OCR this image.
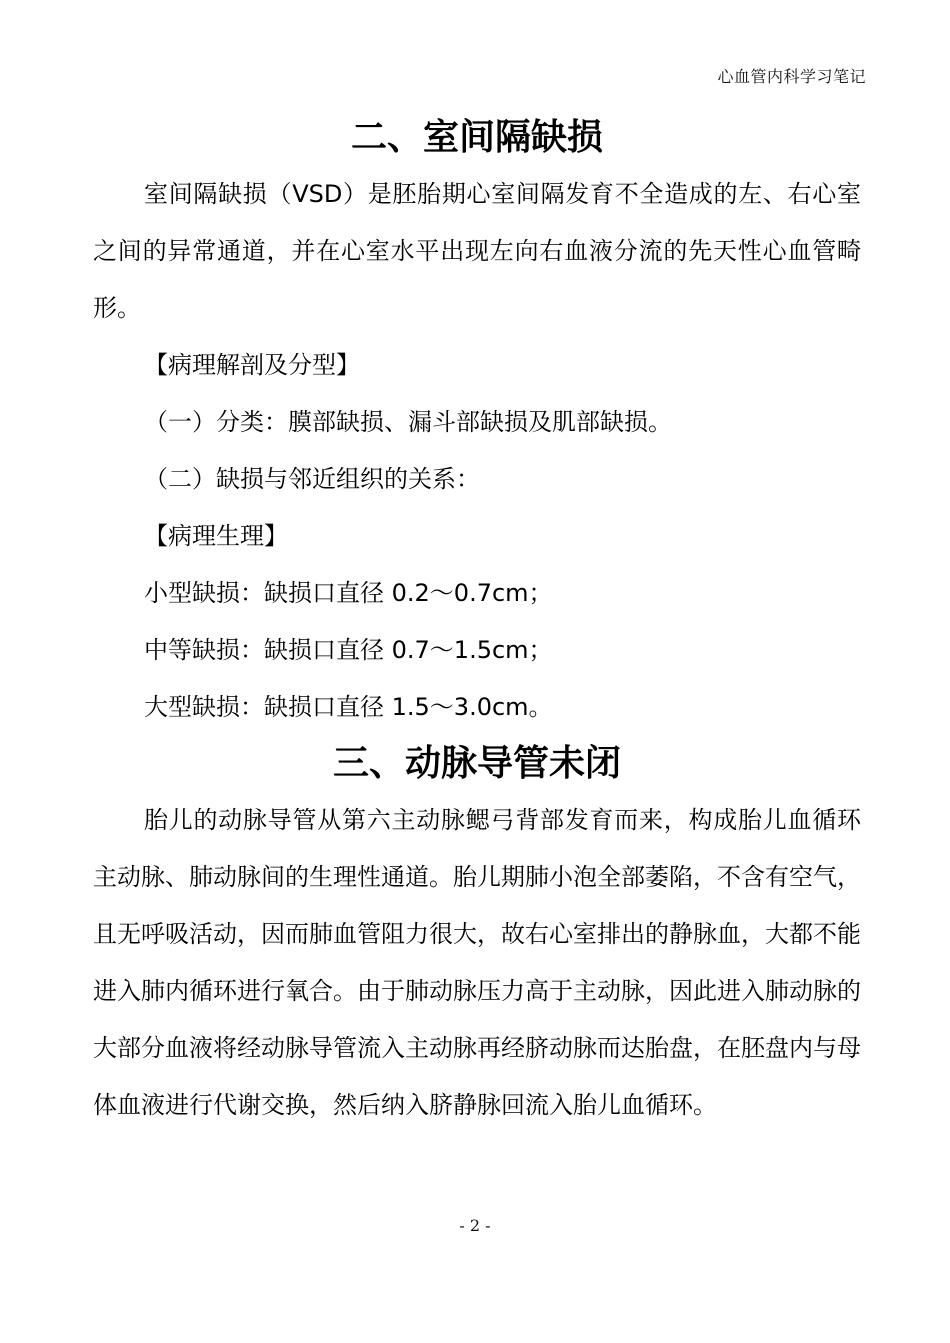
心血管内科学习笔记
二、室间隔缺损

室间隔缺损（VSD）是胚胎期心室间隔发育不全造成的左、右心室之间的异常通道，并在心室水平出现左向右血液分流的先天性心血管畸形。

【病理解剖及分型】

（一）分类：膜部缺损、漏斗部缺损及肌部缺损。

（二）缺损与邻近组织的关系：

【病理生理】

小型缺损：缺损口直径 0.2～0.7cm；

中等缺损：缺损口直径 0.7～1.5cm；

大型缺损：缺损口直径 1.5～3.0cm。

三、动脉导管未闭

胎儿的动脉导管从第六主动脉鳃弓背部发育而来，构成胎儿血循环主动脉、肺动脉间的生理性通道。胎儿期肺小泡全部萎陷，不含有空气，且无呼吸活动，因而肺血管阻力很大，故右心室排出的静脉血，大都不能进入肺内循环进行氧合。由于肺动脉压力高于主动脉，因此进入肺动脉的大部分血液将经动脉导管流入主动脉再经脐动脉而达胎盘，在胚盘内与母体血液进行代谢交换，然后纳入脐静脉回流入胎儿血循环。

- 2 -
